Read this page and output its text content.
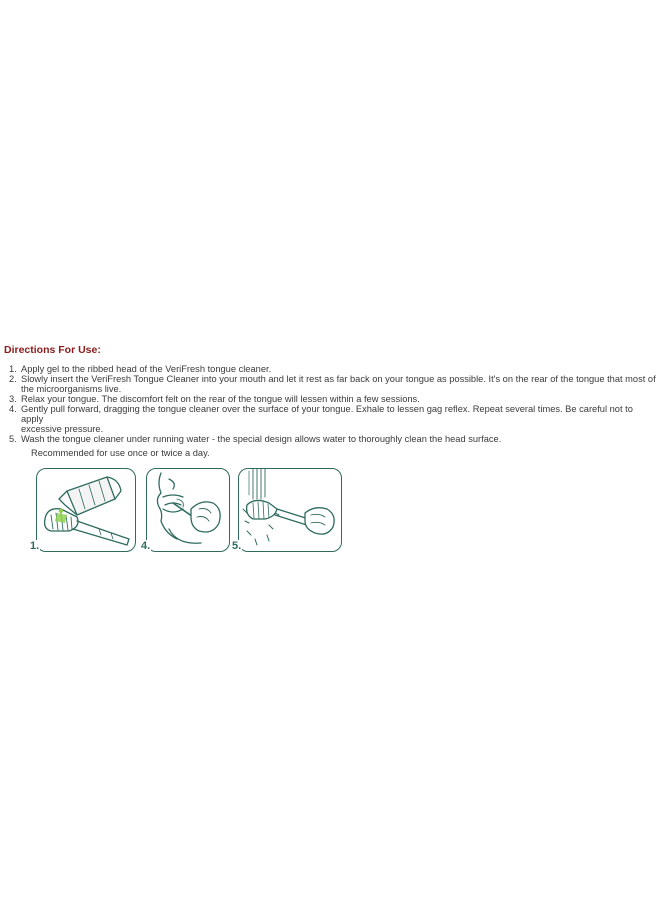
Directions For Use:
1. Apply gel to the ribbed head of the VeriFresh tongue cleaner.
2. Slowly insert the VeriFresh Tongue Cleaner into your mouth and let it rest as far back on your tongue as possible. It's on the rear of the tongue that most of
the microorganisms live.
3. Relax your tongue. The discomfort felt on the rear of the tongue will lessen within a few sessions.
4. Gently pull forward, dragging the tongue cleaner over the surface of your tongue. Exhale to lessen gag reflex. Repeat several times. Be careful not to apply
excessive pressure.
5. Wash the tongue cleaner under running water - the special design allows water to thoroughly clean the head surface.
Recommended for use once or twice a day.
1.	4.	5.
